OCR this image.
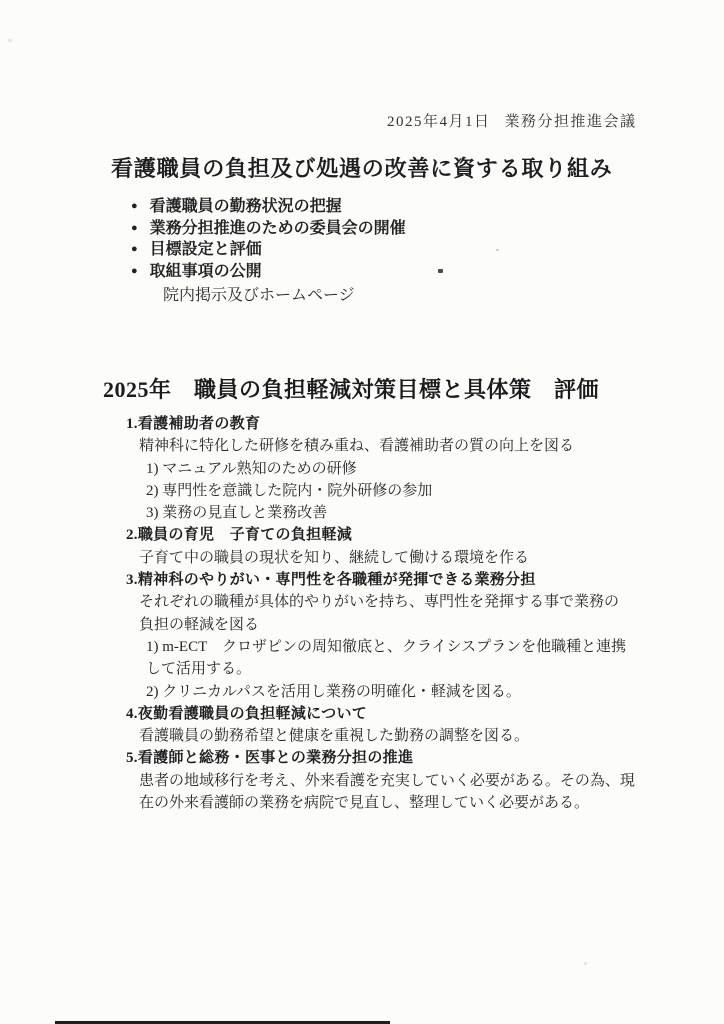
2025年4月1日 業務分担推進会議
看護職員の負担及び処遇の改善に資する取り組み
● 看護職員の勤務状況の把握
● 業務分担推進のための委員会の開催
● 目標設定と評価
● 取組事項の公開
院内掲示及びホームページ
2025年　職員の負担軽減対策目標と具体策　評価
1.看護補助者の教育
精神科に特化した研修を積み重ね、看護補助者の質の向上を図る
1) マニュアル熟知のための研修
2) 専門性を意識した院内・院外研修の参加
3) 業務の見直しと業務改善
2.職員の育児　子育ての負担軽減
子育て中の職員の現状を知り、継続して働ける環境を作る
3.精神科のやりがい・専門性を各職種が発揮できる業務分担
それぞれの職種が具体的やりがいを持ち、専門性を発揮する事で業務の
負担の軽減を図る
1) m-ECT　クロザピンの周知徹底と、クライシスプランを他職種と連携
して活用する。
2) クリニカルパスを活用し業務の明確化・軽減を図る。
4.夜勤看護職員の負担軽減について
看護職員の勤務希望と健康を重視した勤務の調整を図る。
5.看護師と総務・医事との業務分担の推進
患者の地域移行を考え、外来看護を充実していく必要がある。その為、現
在の外来看護師の業務を病院で見直し、整理していく必要がある。
